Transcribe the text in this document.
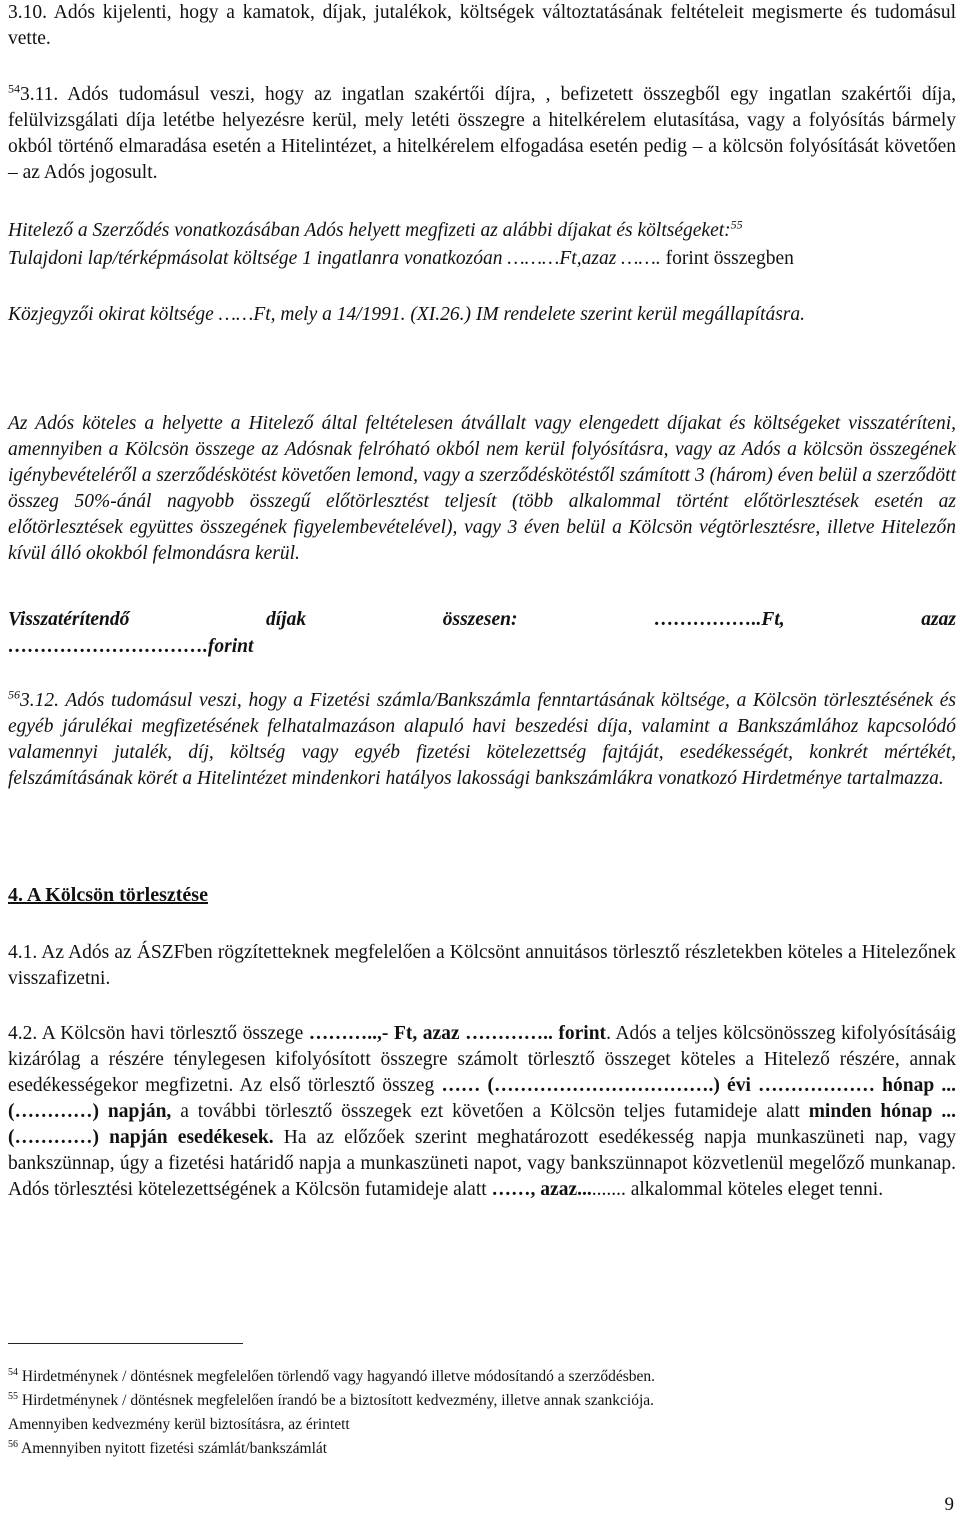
3.10. Adós kijelenti, hogy a kamatok, díjak, jutalékok, költségek változtatásának feltételeit megismerte és tudomásul vette.

$^{54}$3.11. Adós tudomásul veszi, hogy az ingatlan szakértői díjra, , befizetett összegből egy ingatlan szakértői díja, felülvizsgálati díja letétbe helyezésre kerül, mely letéti összegre a hitelkérelem elutasítása, vagy a folyósítás bármely okból történő elmaradása esetén a Hitelintézet, a hitelkérelem elfogadása esetén pedig – a kölcsön folyósítását követően – az Adós jogosult.

Hitelező a Szerződés vonatkozásában Adós helyett megfizeti az alábbi díjakat és költségeket:$^{55}$

Tulajdoni lap/térképmásolat költsége 1 ingatlanra vonatkozóan ………Ft,azaz ……. forint összegben

Közjegyzői okirat költsége ……Ft, mely a 14/1991. (XI.26.) IM rendelete szerint kerül megállapításra.

Az Adós köteles a helyette a Hitelező által feltételesen átvállalt vagy elengedett díjakat és költségeket visszatéríteni, amennyiben a Kölcsön összege az Adósnak felróható okból nem kerül folyósításra, vagy az Adós a kölcsön összegének igénybevételéről a szerződéskötést követően lemond, vagy a szerződéskötéstől számított 3 (három) éven belül a szerződött összeg 50%-ánál nagyobb összegű előtörlesztést teljesít (több alkalommal történt előtörlesztések esetén az előtörlesztések együttes összegének figyelembevételével), vagy 3 éven belül a Kölcsön végtörlesztésre, illetve Hitelezőn kívül álló okokból felmondásra kerül.

Visszatérítendő díjak összesen: ……………..Ft, azaz

………………………….forint

$^{56}$3.12. Adós tudomásul veszi, hogy a Fizetési számla/Bankszámla fenntartásának költsége, a Kölcsön törlesztésének és egyéb járulékai megfizetésének felhatalmazáson alapuló havi beszedési díja, valamint a Bankszámlához kapcsolódó valamennyi jutalék, díj, költség vagy egyéb fizetési kötelezettség fajtáját, esedékességét, konkrét mértékét, felszámításának körét a Hitelintézet mindenkori hatályos lakossági bankszámlákra vonatkozó Hirdetménye tartalmazza.

4. A Kölcsön törlesztése

4.1. Az Adós az ÁSZFben rögzítetteknek megfelelően a Kölcsönt annuitásos törlesztő részletekben köteles a Hitelezőnek visszafizetni.

4.2. A Kölcsön havi törlesztő összege ………..,- Ft, azaz ………….. forint. Adós a teljes kölcsönösszeg kifolyósításáig kizárólag a részére ténylegesen kifolyósított összegre számolt törlesztő összeget köteles a Hitelező részére, annak esedékességekor megfizetni. Az első törlesztő összeg …… (…………………………….) évi ……………… hónap ... (…………) napján, a további törlesztő összegek ezt követően a Kölcsön teljes futamideje alatt minden hónap ... (…………) napján esedékesek. Ha az előzőek szerint meghatározott esedékesség napja munkaszüneti nap, vagy bankszünnap, úgy a fizetési határidő napja a munkaszüneti napot, vagy bankszünnapot közvetlenül megelőző munkanap. Adós törlesztési kötelezettségének a Kölcsön futamideje alatt ……, azaz.......... alkalommal köteles eleget tenni.

$^{54}$ Hirdetménynek / döntésnek megfelelően törlendő vagy hagyandó illetve módosítandó a szerződésben.

$^{55}$ Hirdetménynek / döntésnek megfelelően írandó be a biztosított kedvezmény, illetve annak szankciója.

Amennyiben kedvezmény kerül biztosításra, az érintett

$^{56}$ Amennyiben nyitott fizetési számlát/bankszámlát

9
